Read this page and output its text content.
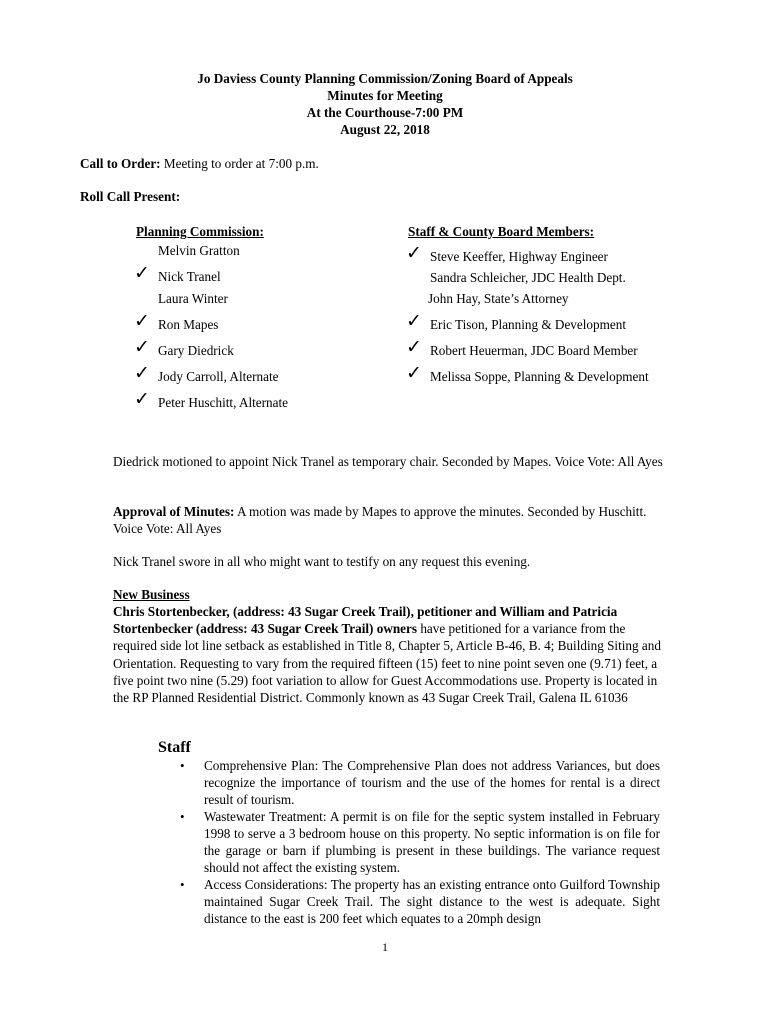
Jo Daviess County Planning Commission/Zoning Board of Appeals
Minutes for Meeting
At the Courthouse-7:00 PM
August 22, 2018
Call to Order: Meeting to order at 7:00 p.m.
Roll Call Present:
Planning Commission:	Staff & County Board Members:
Melvin Gratton
✓ Nick Tranel
Laura Winter
✓ Ron Mapes
✓ Gary Diedrick
✓ Jody Carroll, Alternate
✓ Peter Huschitt, Alternate
✓ Steve Keeffer, Highway Engineer
Sandra Schleicher, JDC Health Dept.
John Hay, State’s Attorney
✓ Eric Tison, Planning & Development
✓ Robert Heuerman, JDC Board Member
✓ Melissa Soppe, Planning & Development
Diedrick motioned to appoint Nick Tranel as temporary chair. Seconded by Mapes. Voice Vote: All Ayes
Approval of Minutes: A motion was made by Mapes to approve the minutes. Seconded by Huschitt. Voice Vote: All Ayes
Nick Tranel swore in all who might want to testify on any request this evening.
New Business
Chris Stortenbecker, (address: 43 Sugar Creek Trail), petitioner and William and Patricia Stortenbecker (address: 43 Sugar Creek Trail) owners have petitioned for a variance from the required side lot line setback as established in Title 8, Chapter 5, Article B-46, B. 4; Building Siting and Orientation. Requesting to vary from the required fifteen (15) feet to nine point seven one (9.71) feet, a five point two nine (5.29) foot variation to allow for Guest Accommodations use. Property is located in the RP Planned Residential District. Commonly known as 43 Sugar Creek Trail, Galena IL 61036
Staff
• Comprehensive Plan: The Comprehensive Plan does not address Variances, but does recognize the importance of tourism and the use of the homes for rental is a direct result of tourism.
• Wastewater Treatment: A permit is on file for the septic system installed in February 1998 to serve a 3 bedroom house on this property. No septic information is on file for the garage or barn if plumbing is present in these buildings. The variance request should not affect the existing system.
• Access Considerations: The property has an existing entrance onto Guilford Township maintained Sugar Creek Trail. The sight distance to the west is adequate. Sight distance to the east is 200 feet which equates to a 20mph design
1
